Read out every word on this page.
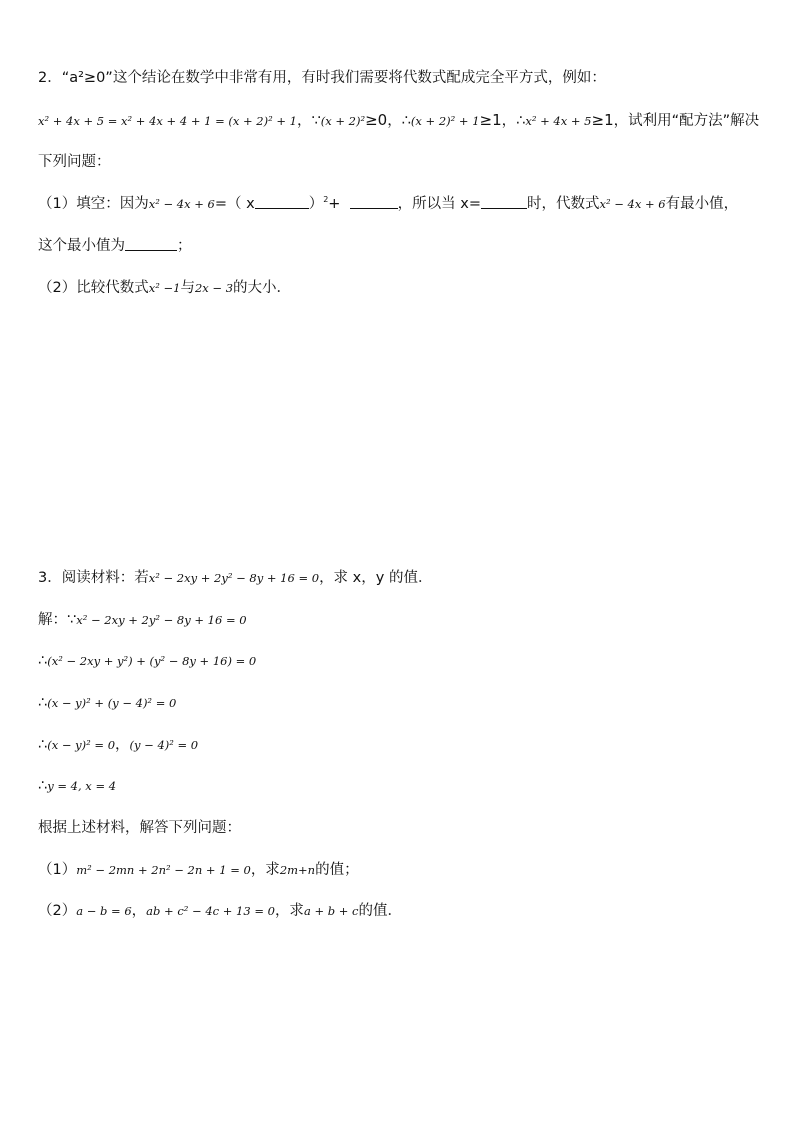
2．“a²≥0”这个结论在数学中非常有用，有时我们需要将代数式配成完全平方式，例如：
x² + 4x + 5 = x² + 4x + 4 + 1 = (x + 2)² + 1，∵(x + 2)²≥0，∴(x + 2)² + 1≥1，∴x² + 4x + 5≥1，试利用“配方法”解决
下列问题：
（1）填空：因为x² − 4x + 6=（ x	）$^2$+	，所以当 x=	时，代数式x² − 4x + 6有最小值，
这个最小值为	；
（2）比较代数式x² −1与2x − 3的大小．
3．阅读材料：若x² − 2xy + 2y² − 8y + 16 = 0，求 x，y 的值．
解：∵x² − 2xy + 2y² − 8y + 16 = 0
∴(x² − 2xy + y²) + (y² − 8y + 16) = 0
∴(x − y)² + (y − 4)² = 0
∴(x − y)² = 0，(y − 4)² = 0
∴y = 4, x = 4
根据上述材料，解答下列问题：
（1）m² − 2mn + 2n² − 2n + 1 = 0，求2m+n的值；
（2）a − b = 6，ab + c² − 4c + 13 = 0，求a + b + c的值．
